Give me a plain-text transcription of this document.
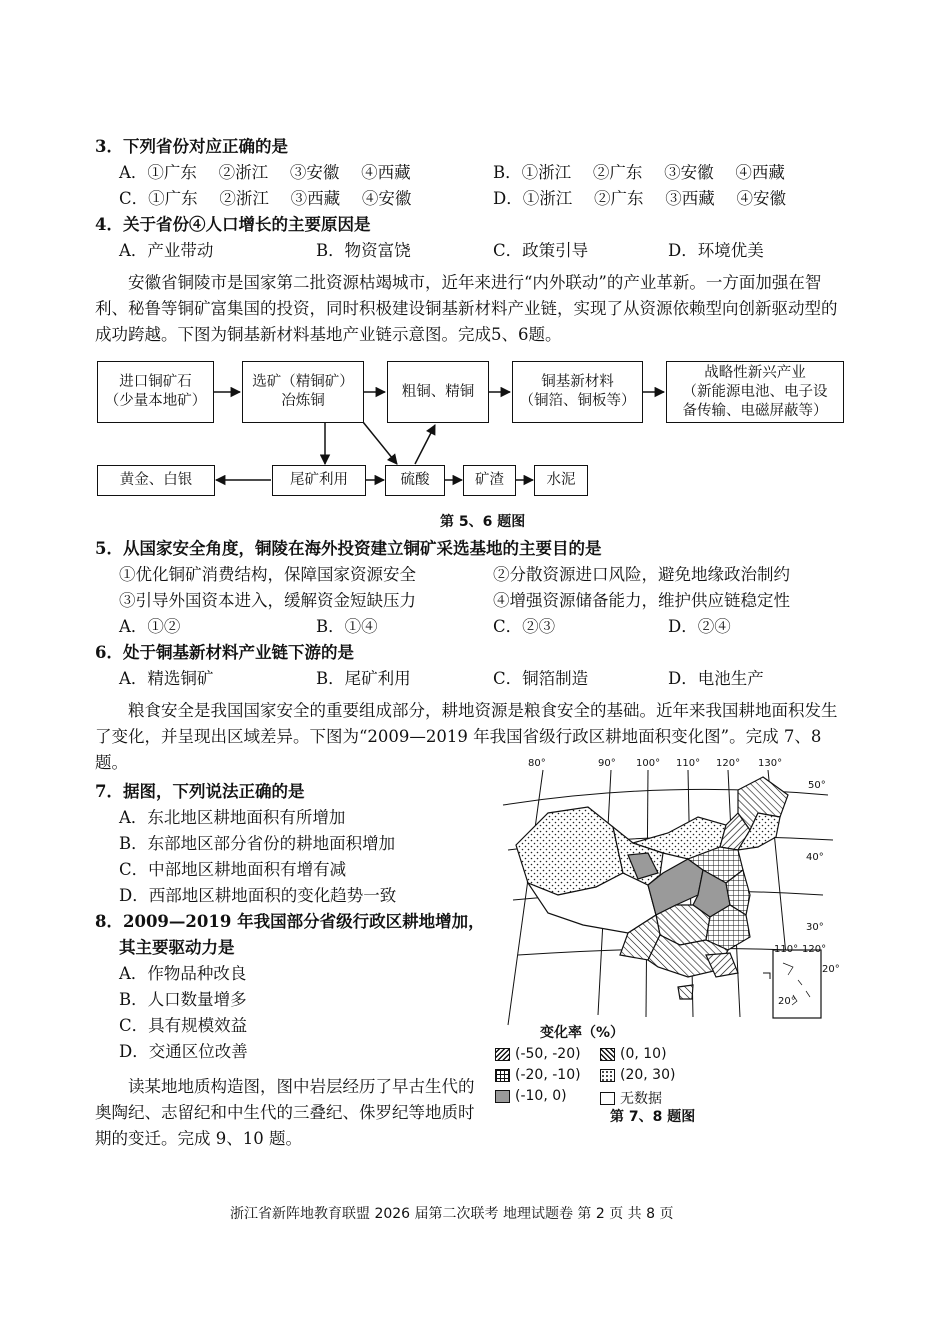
3．下列省份对应正确的是
A．①广东　 ②浙江　 ③安徽　 ④西藏	B．①浙江　 ②广东　 ③安徽　 ④西藏
C．①广东　 ②浙江　 ③西藏　 ④安徽	D．①浙江　 ②广东　 ③西藏　 ④安徽
4．关于省份④人口增长的主要原因是
A．产业带动	B．物资富饶	C．政策引导	D．环境优美
安徽省铜陵市是国家第二批资源枯竭城市，近年来进行“内外联动”的产业革新。一方面加强在智利、秘鲁等铜矿富集国的投资，同时积极建设铜基新材料产业链，实现了从资源依赖型向创新驱动型的成功跨越。下图为铜基新材料基地产业链示意图。完成5、6题。
进口铜矿石
（少量本地矿）
选矿（精铜矿）
冶炼铜
粗铜、精铜
铜基新材料
（铜箔、铜板等）
战略性新兴产业
（新能源电池、电子设
备传输、电磁屏蔽等）
黄金、白银	尾矿利用	硫酸	矿渣	水泥
第 5、6 题图
5．从国家安全角度，铜陵在海外投资建立铜矿采选基地的主要目的是
①优化铜矿消费结构，保障国家资源安全	②分散资源进口风险，避免地缘政治制约
③引导外国资本进入，缓解资金短缺压力	④增强资源储备能力，维护供应链稳定性
A．①②	B．①④	C．②③	D．②④
6．处于铜基新材料产业链下游的是
A．精选铜矿	B．尾矿利用	C．铜箔制造	D．电池生产
粮食安全是我国国家安全的重要组成部分，耕地资源是粮食安全的基础。近年来我国耕地面积发生了变化，并呈现出区域差异。下图为“2009—2019 年我国省级行政区耕地面积变化图”。完成 7、8 题。
7．据图，下列说法正确的是
A．东北地区耕地面积有所增加
B．东部地区部分省份的耕地面积增加
C．中部地区耕地面积有增有减
D．西部地区耕地面积的变化趋势一致
8．2009—2019 年我国部分省级行政区耕地增加，
其主要驱动力是
A．作物品种改良
B．人口数量增多
C．具有规模效益
D．交通区位改善
读某地地质构造图，图中岩层经历了早古生代的奥陶纪、志留纪和中生代的三叠纪、侏罗纪等地质时期的变迁。完成 9、10 题。
80°	90° 100° 110° 120° 130°
50°
40°
30°
20°
110° 120°
20°
变化率（%）
(-50, -20)	(0, 10)
(-20, -10)	(20, 30)
(-10, 0)	无数据
第 7、8 题图
浙江省新阵地教育联盟 2026 届第二次联考 地理试题卷 第 2 页 共 8 页
